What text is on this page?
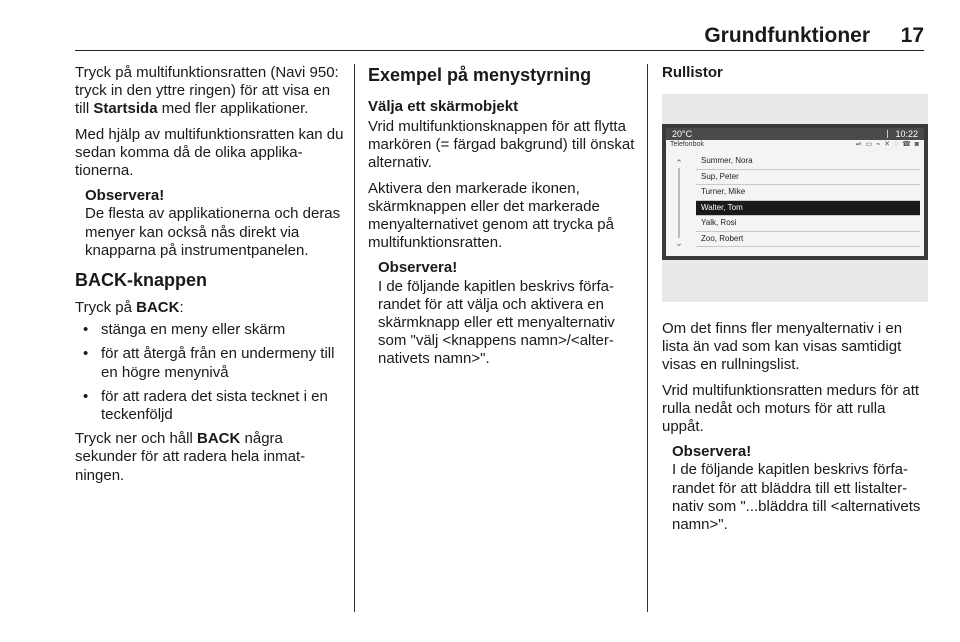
Grundfunktioner 17

Tryck på multifunktionsratten (Navi 950: tryck in den yttre ringen) för att visa en till Startsida med fler applikationer.

Med hjälp av multifunktionsratten kan du sedan komma då de olika applikationerna.

Observera!
De flesta av applikationerna och deras menyer kan också nås direkt via knapparna på instrumentpanelen.
BACK-knappen

Tryck på BACK:

• stänga en meny eller skärm
• för att återgå från en undermeny till en högre menynivå
• för att radera det sista tecknet i en teckenföljd

Tryck ner och håll BACK några sekunder för att radera hela inmatningen.

Exempel på menystyrning
Välja ett skärmobjekt

Vrid multifunktionsknappen för att flytta markören (= färgad bakgrund) till önskat alternativ.

Aktivera den markerade ikonen, skärmknappen eller det markerade menyalternativet genom att trycka på multifunktionsratten.

Observera!
I de följande kapitlen beskrivs förfarandet för att välja och aktivera en skärmknapp eller ett menyalternativ som "välj <knappens namn>/<alternativets namn>".
Rullistor
20°C	10:22
Telefonbok	⇌ ▭ ⌁ ✕ ◌ ☎ ◙
⌃
⌄
Summer, Nora
Sup, Peter
Turner, Mike
Walter, Tom
Yalk, Rosi
Zoo, Robert

Om det finns fler menyalternativ i en lista än vad som kan visas samtidigt visas en rullningslist.

Vrid multifunktionsratten medurs för att rulla nedåt och moturs för att rulla uppåt.

Observera!
I de följande kapitlen beskrivs förfarandet för att bläddra till ett listalternativ som "...bläddra till <alternativets namn>".
